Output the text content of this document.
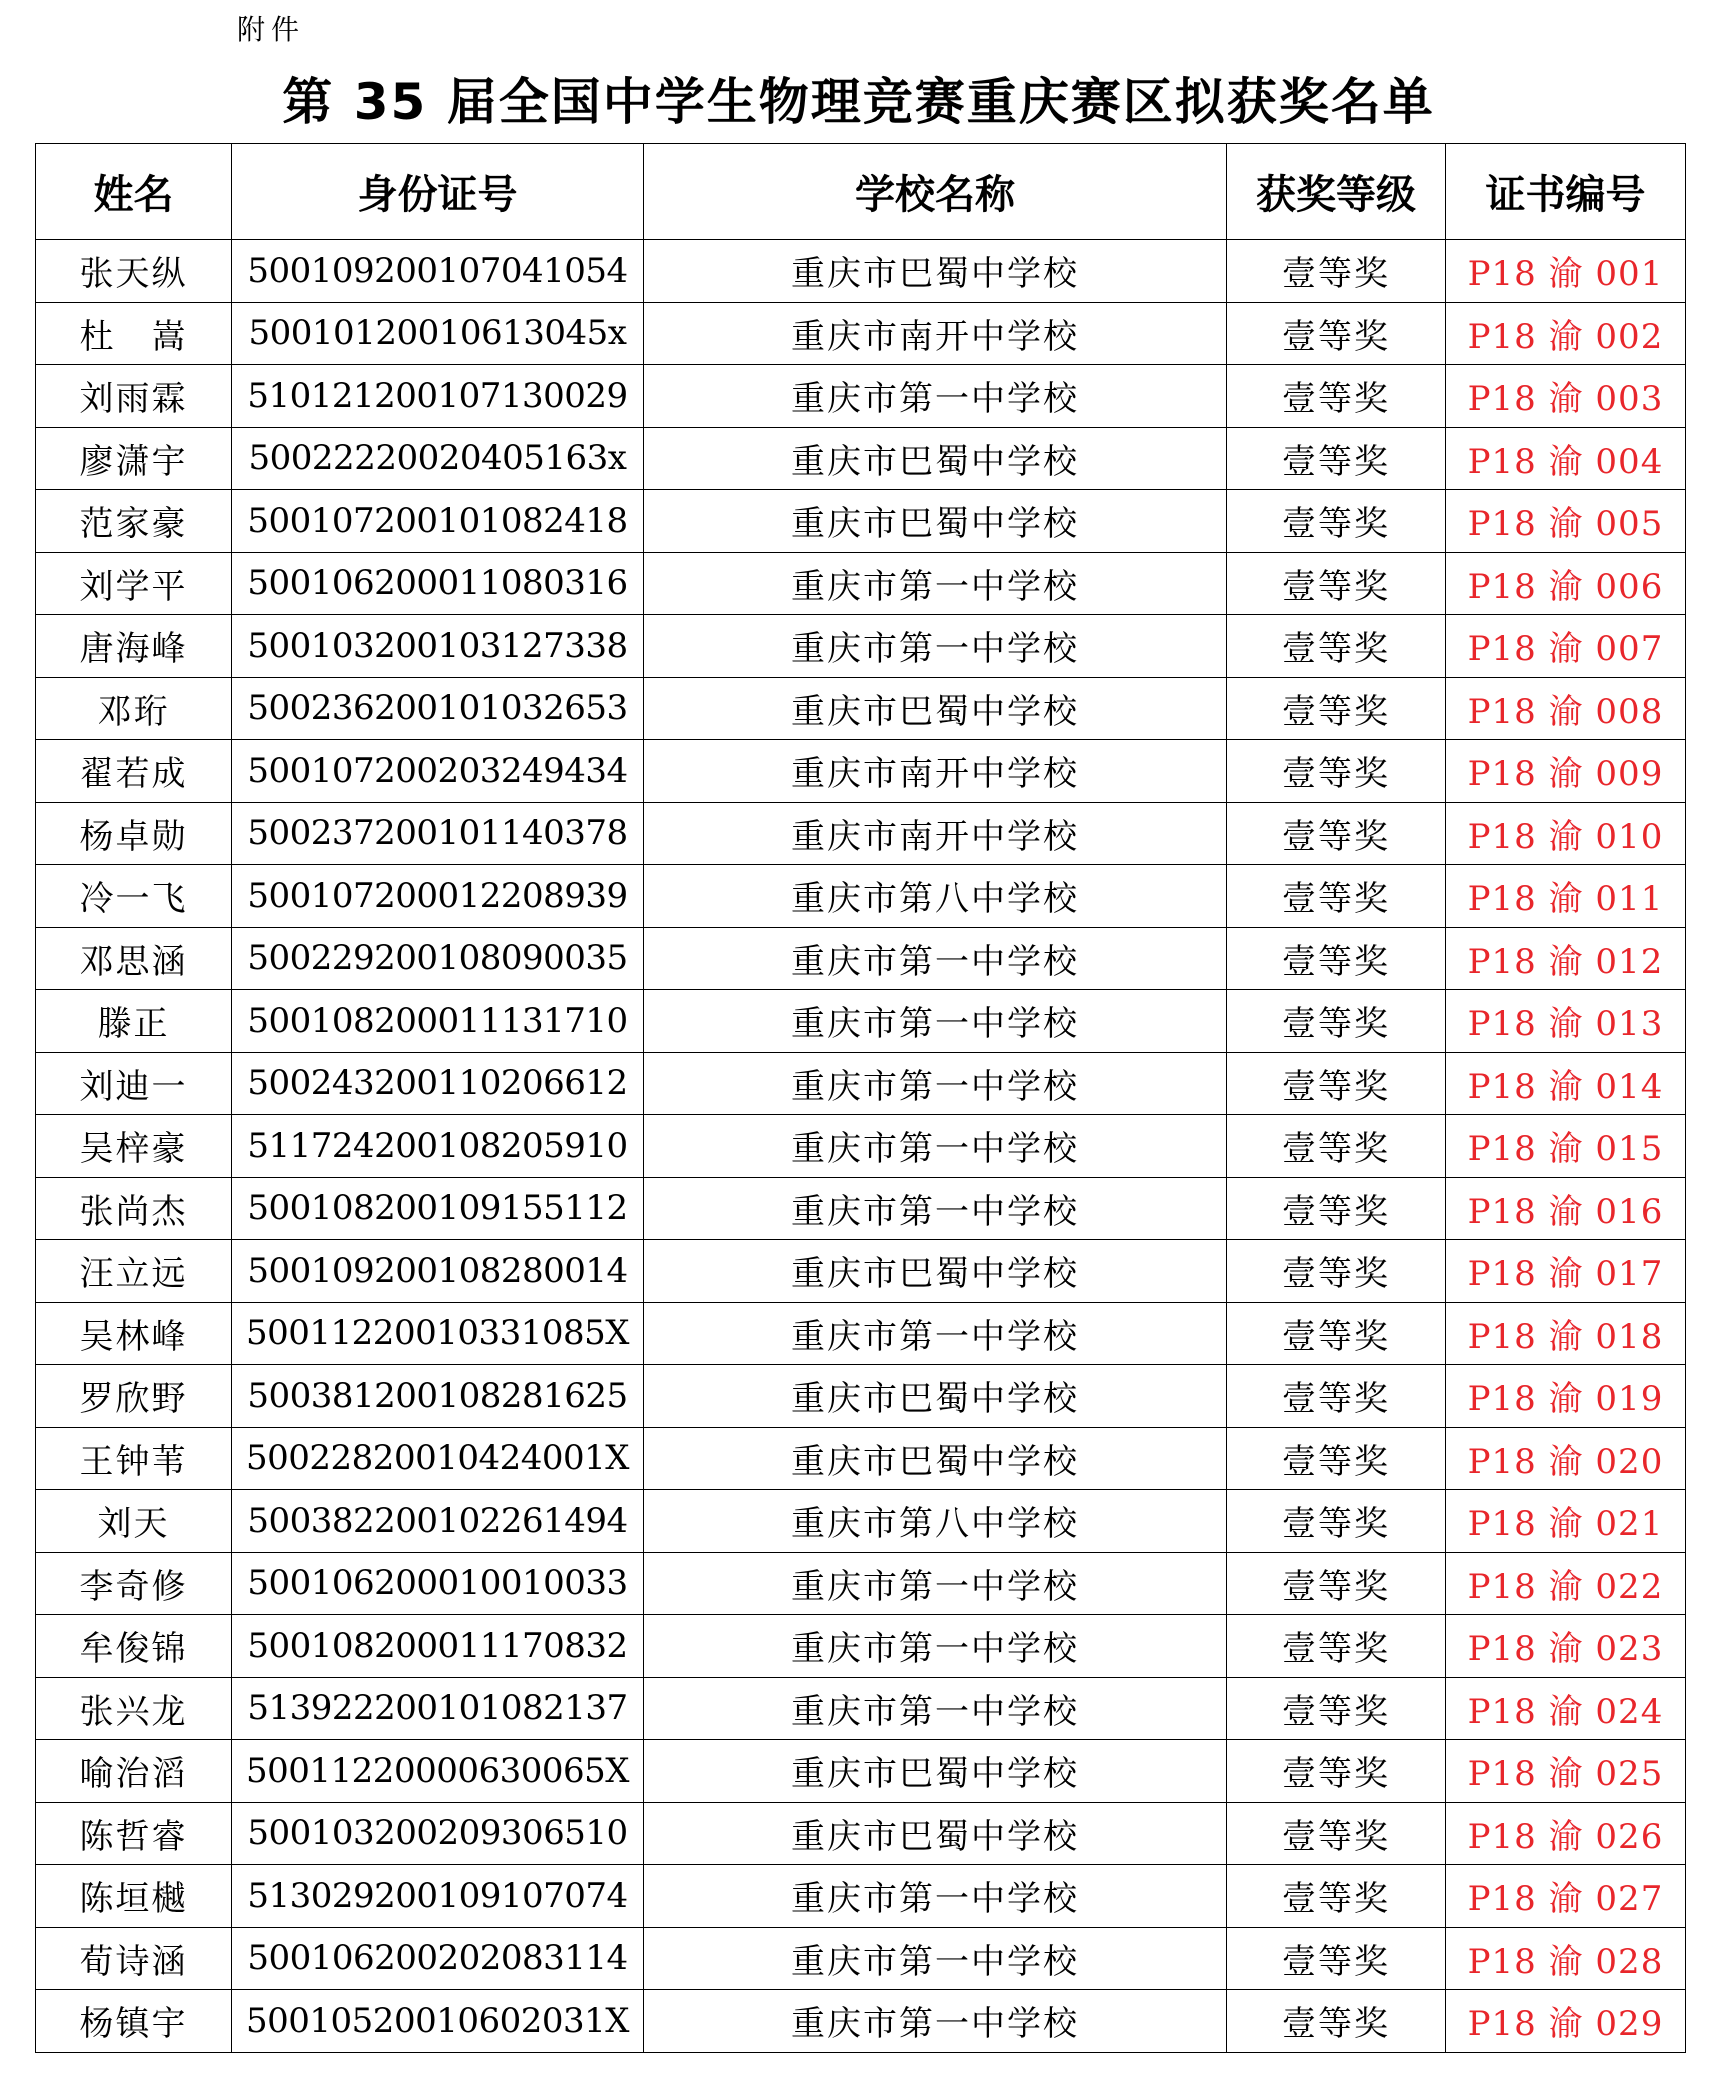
附件
第 35 届全国中学生物理竞赛重庆赛区拟获奖名单
姓名	身份证号	学校名称	获奖等级	证书编号
张天纵	500109200107041054	重庆市巴蜀中学校	壹等奖	P18 渝 001
杜　嵩	50010120010613045x	重庆市南开中学校	壹等奖	P18 渝 002
刘雨霖	510121200107130029	重庆市第一中学校	壹等奖	P18 渝 003
廖潇宇	50022220020405163x	重庆市巴蜀中学校	壹等奖	P18 渝 004
范家豪	500107200101082418	重庆市巴蜀中学校	壹等奖	P18 渝 005
刘学平	500106200011080316	重庆市第一中学校	壹等奖	P18 渝 006
唐海峰	500103200103127338	重庆市第一中学校	壹等奖	P18 渝 007
邓珩	500236200101032653	重庆市巴蜀中学校	壹等奖	P18 渝 008
翟若成	500107200203249434	重庆市南开中学校	壹等奖	P18 渝 009
杨卓勋	500237200101140378	重庆市南开中学校	壹等奖	P18 渝 010
冷一飞	500107200012208939	重庆市第八中学校	壹等奖	P18 渝 011
邓思涵	500229200108090035	重庆市第一中学校	壹等奖	P18 渝 012
滕正	500108200011131710	重庆市第一中学校	壹等奖	P18 渝 013
刘迪一	500243200110206612	重庆市第一中学校	壹等奖	P18 渝 014
吴梓豪	511724200108205910	重庆市第一中学校	壹等奖	P18 渝 015
张尚杰	500108200109155112	重庆市第一中学校	壹等奖	P18 渝 016
汪立远	500109200108280014	重庆市巴蜀中学校	壹等奖	P18 渝 017
吴林峰	50011220010331085X	重庆市第一中学校	壹等奖	P18 渝 018
罗欣野	500381200108281625	重庆市巴蜀中学校	壹等奖	P18 渝 019
王钟苇	50022820010424001X	重庆市巴蜀中学校	壹等奖	P18 渝 020
刘天	500382200102261494	重庆市第八中学校	壹等奖	P18 渝 021
李奇修	500106200010010033	重庆市第一中学校	壹等奖	P18 渝 022
牟俊锦	500108200011170832	重庆市第一中学校	壹等奖	P18 渝 023
张兴龙	513922200101082137	重庆市第一中学校	壹等奖	P18 渝 024
喻治滔	50011220000630065X	重庆市巴蜀中学校	壹等奖	P18 渝 025
陈哲睿	500103200209306510	重庆市巴蜀中学校	壹等奖	P18 渝 026
陈垣樾	513029200109107074	重庆市第一中学校	壹等奖	P18 渝 027
荀诗涵	500106200202083114	重庆市第一中学校	壹等奖	P18 渝 028
杨镇宇	50010520010602031X	重庆市第一中学校	壹等奖	P18 渝 029
